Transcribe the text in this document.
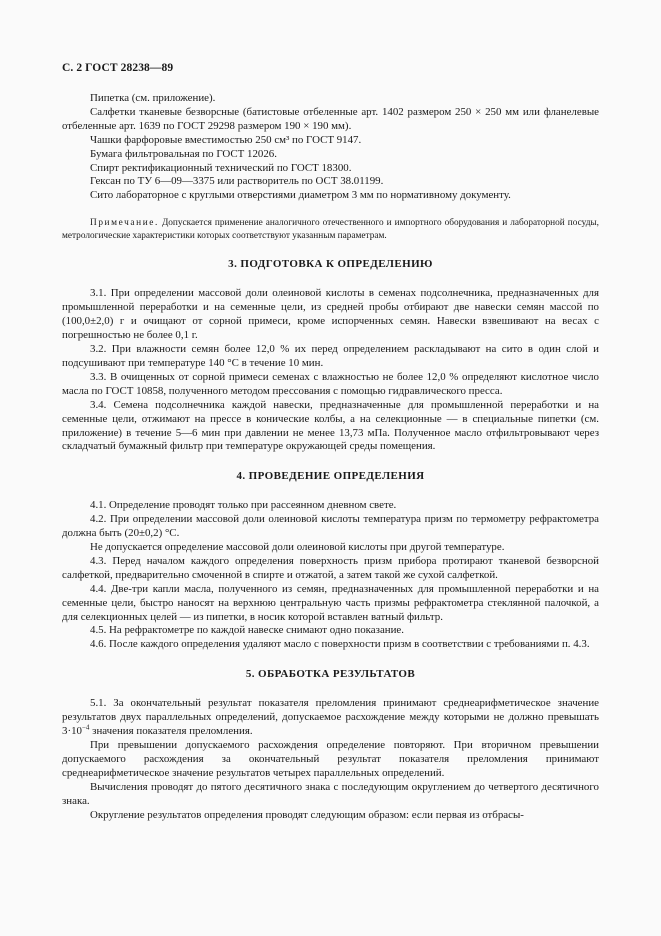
С. 2 ГОСТ 28238—89

Пипетка (см. приложение).

Салфетки тканевые безворсные (батистовые отбеленные арт. 1402 размером 250 × 250 мм или фланелевые отбеленные арт. 1639 по ГОСТ 29298 размером 190 × 190 мм).

Чашки фарфоровые вместимостью 250 см³ по ГОСТ 9147.

Бумага фильтровальная по ГОСТ 12026.

Спирт ректификационный технический по ГОСТ 18300.

Гексан по ТУ 6—09—3375 или растворитель по ОСТ 38.01199.

Сито лабораторное с круглыми отверстиями диаметром 3 мм по нормативному документу.

Примечание. Допускается применение аналогичного отечественного и импортного оборудования и лабораторной посуды, метрологические характеристики которых соответствуют указанным параметрам.

3. ПОДГОТОВКА К ОПРЕДЕЛЕНИЮ

3.1. При определении массовой доли олеиновой кислоты в семенах подсолнечника, предназначенных для промышленной переработки и на семенные цели, из средней пробы отбирают две навески семян массой по (100,0±2,0) г и очищают от сорной примеси, кроме испорченных семян. Навески взвешивают на весах с погрешностью не более 0,1 г.

3.2. При влажности семян более 12,0 % их перед определением раскладывают на сито в один слой и подсушивают при температуре 140 °С в течение 10 мин.

3.3. В очищенных от сорной примеси семенах с влажностью не более 12,0 % определяют кислотное число масла по ГОСТ 10858, полученного методом прессования с помощью гидравлического пресса.

3.4. Семена подсолнечника каждой навески, предназначенные для промышленной переработки и на семенные цели, отжимают на прессе в конические колбы, а на селекционные — в специальные пипетки (см. приложение) в течение 5—6 мин при давлении не менее 13,73 мПа. Полученное масло отфильтровывают через складчатый бумажный фильтр при температуре окружающей среды помещения.

4. ПРОВЕДЕНИЕ ОПРЕДЕЛЕНИЯ

4.1. Определение проводят только при рассеянном дневном свете.

4.2. При определении массовой доли олеиновой кислоты температура призм по термометру рефрактометра должна быть (20±0,2) °С.

Не допускается определение массовой доли олеиновой кислоты при другой температуре.

4.3. Перед началом каждого определения поверхность призм прибора протирают тканевой безворсной салфеткой, предварительно смоченной в спирте и отжатой, а затем такой же сухой салфеткой.

4.4. Две-три капли масла, полученного из семян, предназначенных для промышленной переработки и на семенные цели, быстро наносят на верхнюю центральную часть призмы рефрактометра стеклянной палочкой, а для селекционных целей — из пипетки, в носик которой вставлен ватный фильтр.

4.5. На рефрактометре по каждой навеске снимают одно показание.

4.6. После каждого определения удаляют масло с поверхности призм в соответствии с требованиями п. 4.3.

5. ОБРАБОТКА РЕЗУЛЬТАТОВ

5.1. За окончательный результат показателя преломления принимают среднеарифметическое значение результатов двух параллельных определений, допускаемое расхождение между которыми не должно превышать $3\cdot 10^{-4}$ значения показателя преломления.

При превышении допускаемого расхождения определение повторяют. При вторичном превышении допускаемого расхождения за окончательный результат показателя преломления принимают среднеарифметическое значение результатов четырех параллельных определений.

Вычисления проводят до пятого десятичного знака с последующим округлением до четвертого десятичного знака.

Округление результатов определения проводят следующим образом: если первая из отбрасы-
